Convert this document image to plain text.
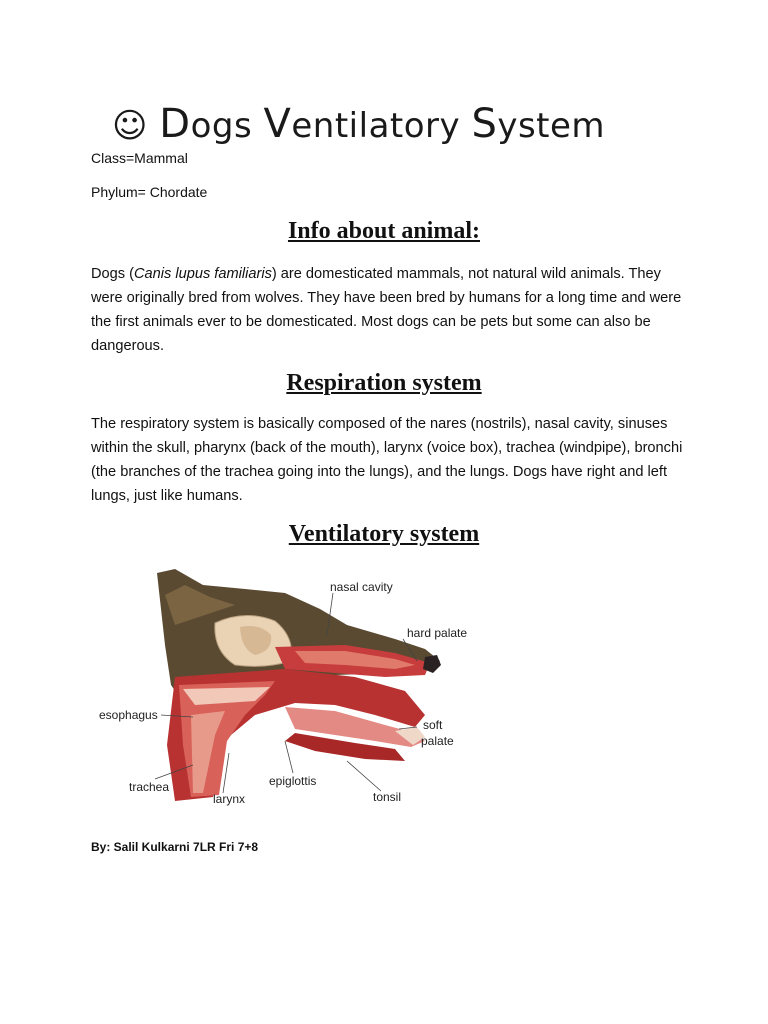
☺ Dogs Ventilatory System
Class=Mammal
Phylum= Chordate
Info about animal:
Dogs (Canis lupus familiaris) are domesticated mammals, not natural wild animals. They were originally bred from wolves. They have been bred by humans for a long time and were the first animals ever to be domesticated. Most dogs can be pets but some can also be dangerous.
Respiration system
The respiratory system is basically composed of the nares (nostrils), nasal cavity, sinuses within the skull, pharynx (back of the mouth), larynx (voice box), trachea (windpipe), bronchi (the branches of the trachea going into the lungs), and the lungs. Dogs have right and left lungs, just like humans.
Ventilatory system
nasal cavity
hard palate
esophagus
soft
palate
trachea
larynx
epiglottis
tonsil
By: Salil Kulkarni 7LR Fri 7+8
